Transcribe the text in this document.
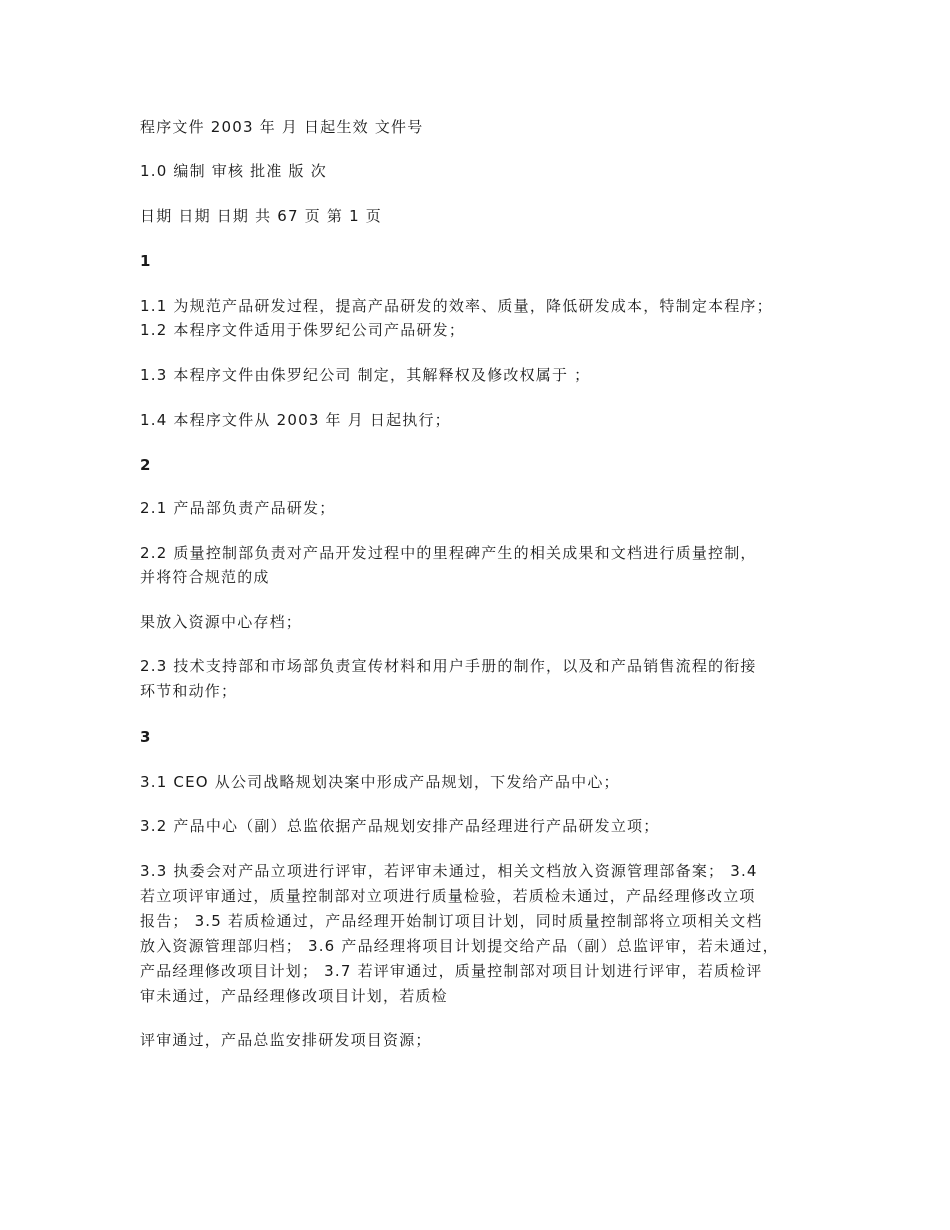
程序文件 2003 年 月 日起生效 文件号
1.0 编制 审核 批准 版 次
日期 日期 日期 共 67 页 第 1 页
1
1.1 为规范产品研发过程，提高产品研发的效率、质量，降低研发成本，特制定本程序；
1.2 本程序文件适用于侏罗纪公司产品研发；
1.3 本程序文件由侏罗纪公司 制定，其解释权及修改权属于 ；
1.4 本程序文件从 2003 年 月 日起执行；
2
2.1 产品部负责产品研发；
2.2 质量控制部负责对产品开发过程中的里程碑产生的相关成果和文档进行质量控制，
并将符合规范的成
果放入资源中心存档；
2.3 技术支持部和市场部负责宣传材料和用户手册的制作，以及和产品销售流程的衔接
环节和动作；
3
3.1 CEO 从公司战略规划决案中形成产品规划，下发给产品中心；
3.2 产品中心（副）总监依据产品规划安排产品经理进行产品研发立项；
3.3 执委会对产品立项进行评审，若评审未通过，相关文档放入资源管理部备案； 3.4
若立项评审通过，质量控制部对立项进行质量检验，若质检未通过，产品经理修改立项
报告； 3.5 若质检通过，产品经理开始制订项目计划，同时质量控制部将立项相关文档
放入资源管理部归档； 3.6 产品经理将项目计划提交给产品（副）总监评审，若未通过，
产品经理修改项目计划； 3.7 若评审通过，质量控制部对项目计划进行评审，若质检评
审未通过，产品经理修改项目计划，若质检
评审通过，产品总监安排研发项目资源；
